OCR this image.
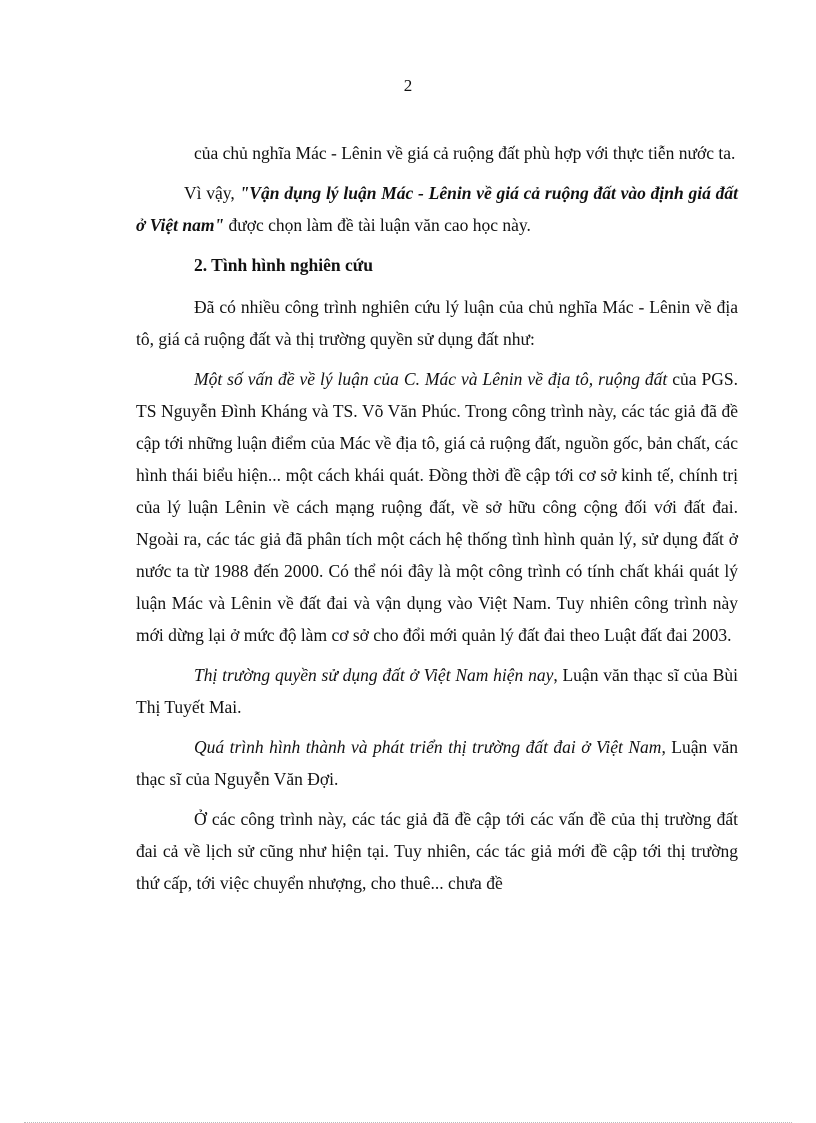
2

của chủ nghĩa Mác - Lênin về giá cả ruộng đất phù hợp với thực tiễn nước ta.

Vì vậy, "Vận dụng lý luận Mác - Lênin về giá cả ruộng đất vào định giá đất ở Việt nam" được chọn làm đề tài luận văn cao học này.

2. Tình hình nghiên cứu

Đã có nhiều công trình nghiên cứu lý luận của chủ nghĩa Mác - Lênin về địa tô, giá cả ruộng đất và thị trường quyền sử dụng đất như:

Một số vấn đề về lý luận của C. Mác và Lênin về địa tô, ruộng đất của PGS. TS Nguyễn Đình Kháng và TS. Võ Văn Phúc. Trong công trình này, các tác giả đã đề cập tới những luận điểm của Mác về địa tô, giá cả ruộng đất, nguồn gốc, bản chất, các hình thái biểu hiện... một cách khái quát. Đồng thời đề cập tới cơ sở kinh tế, chính trị của lý luận Lênin về cách mạng ruộng đất, về sở hữu công cộng đối với đất đai. Ngoài ra, các tác giả đã phân tích một cách hệ thống tình hình quản lý, sử dụng đất ở nước ta từ 1988 đến 2000. Có thể nói đây là một công trình có tính chất khái quát lý luận Mác và Lênin về đất đai và vận dụng vào Việt Nam. Tuy nhiên công trình này mới dừng lại ở mức độ làm cơ sở cho đổi mới quản lý đất đai theo Luật đất đai 2003.

Thị trường quyền sử dụng đất ở Việt Nam hiện nay, Luận văn thạc sĩ của Bùi Thị Tuyết Mai.

Quá trình hình thành và phát triển thị trường đất đai ở Việt Nam, Luận văn thạc sĩ của Nguyễn Văn Đợi.

Ở các công trình này, các tác giả đã đề cập tới các vấn đề của thị trường đất đai cả về lịch sử cũng như hiện tại. Tuy nhiên, các tác giả mới đề cập tới thị trường thứ cấp, tới việc chuyển nhượng, cho thuê... chưa đề
